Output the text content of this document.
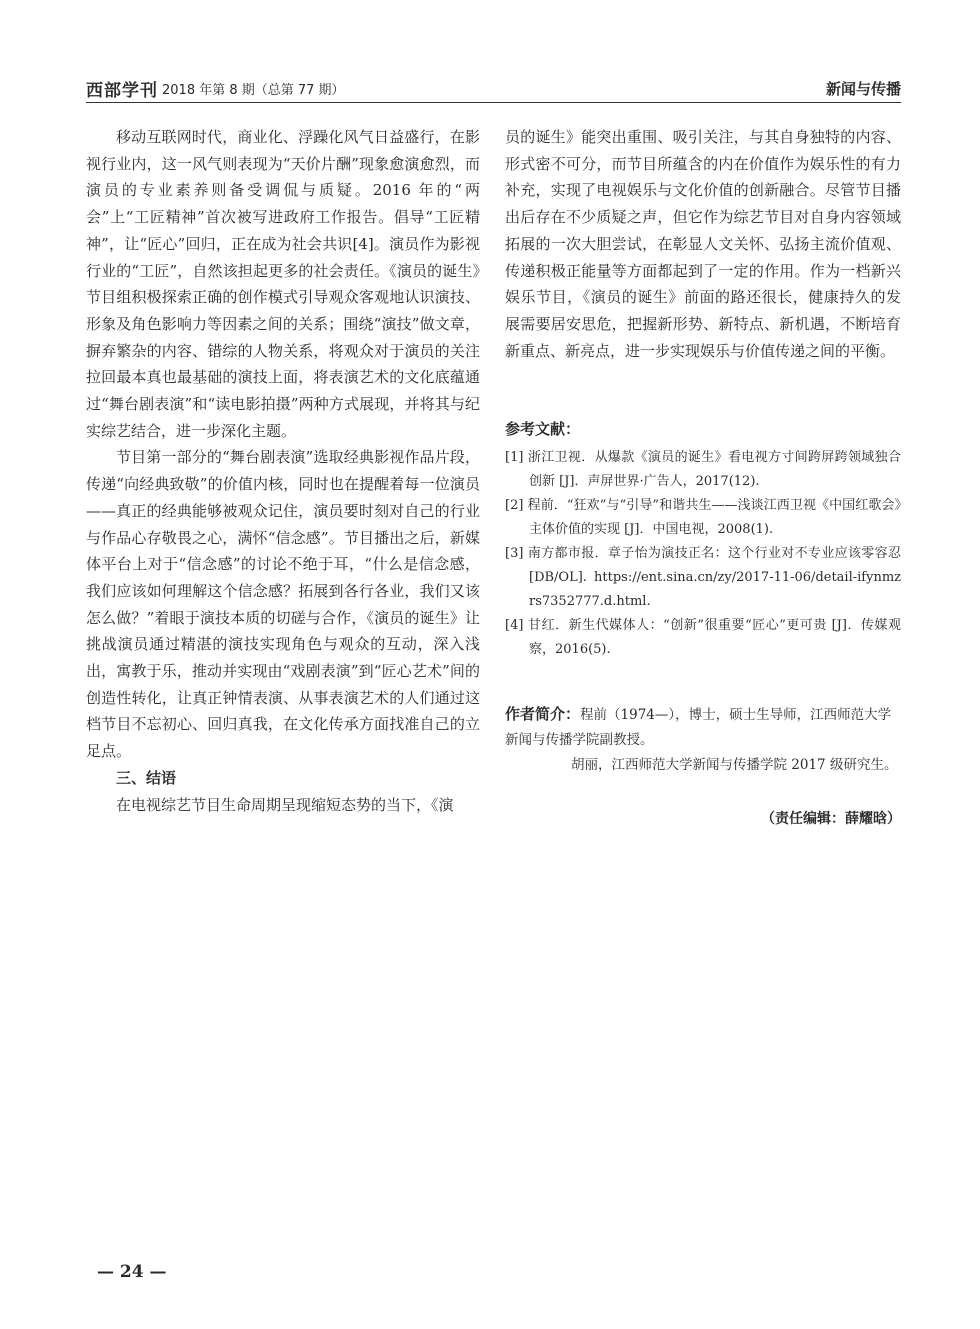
西部学刊 2018 年第 8 期（总第 77 期）	新闻与传播

移动互联网时代，商业化、浮躁化风气日益盛行，在影视行业内，这一风气则表现为“天价片酬”现象愈演愈烈，而演员的专业素养则备受调侃与质疑。2016 年的“两会”上“工匠精神”首次被写进政府工作报告。倡导“工匠精神”，让“匠心”回归，正在成为社会共识[4]。演员作为影视行业的“工匠”，自然该担起更多的社会责任。《演员的诞生》节目组积极探索正确的创作模式引导观众客观地认识演技、形象及角色影响力等因素之间的关系；围绕“演技”做文章，摒弃繁杂的内容、错综的人物关系，将观众对于演员的关注拉回最本真也最基础的演技上面，将表演艺术的文化底蕴通过“舞台剧表演”和“读电影拍摄”两种方式展现，并将其与纪实综艺结合，进一步深化主题。

节目第一部分的“舞台剧表演”选取经典影视作品片段，传递“向经典致敬”的价值内核，同时也在提醒着每一位演员——真正的经典能够被观众记住，演员要时刻对自己的行业与作品心存敬畏之心，满怀“信念感”。节目播出之后，新媒体平台上对于“信念感”的讨论不绝于耳，“什么是信念感，我们应该如何理解这个信念感？拓展到各行各业，我们又该怎么做？”着眼于演技本质的切磋与合作，《演员的诞生》让挑战演员通过精湛的演技实现角色与观众的互动，深入浅出，寓教于乐，推动并实现由“戏剧表演”到“匠心艺术”间的创造性转化，让真正钟情表演、从事表演艺术的人们通过这档节目不忘初心、回归真我，在文化传承方面找准自己的立足点。

三、结语

在电视综艺节目生命周期呈现缩短态势的当下，《演

员的诞生》能突出重围、吸引关注，与其自身独特的内容、形式密不可分，而节目所蕴含的内在价值作为娱乐性的有力补充，实现了电视娱乐与文化价值的创新融合。尽管节目播出后存在不少质疑之声，但它作为综艺节目对自身内容领域拓展的一次大胆尝试，在彰显人文关怀、弘扬主流价值观、传递积极正能量等方面都起到了一定的作用。作为一档新兴娱乐节目，《演员的诞生》前面的路还很长，健康持久的发展需要居安思危，把握新形势、新特点、新机遇，不断培育新重点、新亮点，进一步实现娱乐与价值传递之间的平衡。

参考文献：
[1] 浙江卫视．从爆款《演员的诞生》看电视方寸间跨屏跨领域独合创新 [J]．声屏世界·广告人，2017(12).
[2] 程前．“狂欢”与“引导”和谐共生——浅谈江西卫视《中国红歌会》主体价值的实现 [J]．中国电视，2008(1).
[3] 南方都市报．章子怡为演技正名：这个行业对不专业应该零容忍 [DB/OL]. https://ent.sina.cn/zy/2017-11-06/detail-ifynmzrs7352777.d.html.
[4] 甘红．新生代媒体人：“创新”很重要“匠心”更可贵 [J]．传媒观察，2016(5).
作者简介：程前（1974—），博士，硕士生导师，江西师范大学新闻与传播学院副教授。
胡丽，江西师范大学新闻与传播学院 2017 级研究生。
（责任编辑：薛耀晗）
— 24 —
